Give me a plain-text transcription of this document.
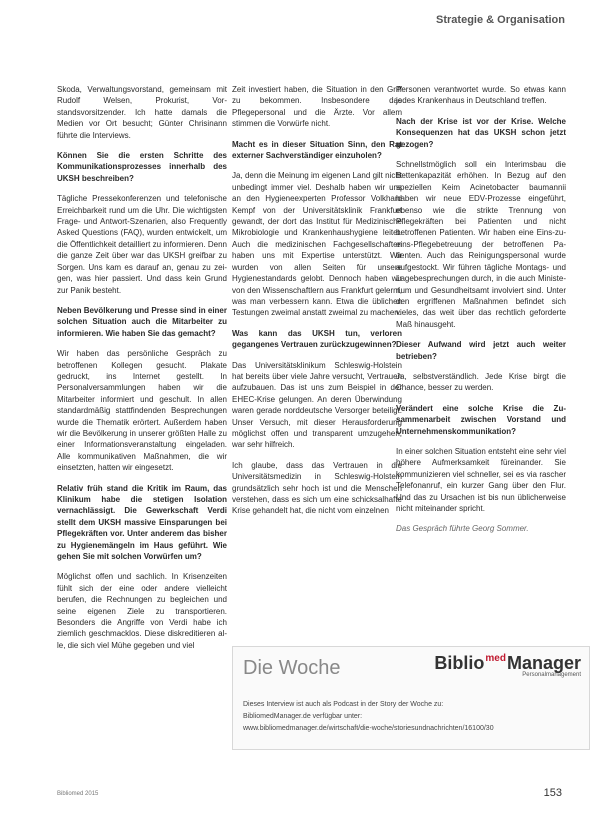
Strategie & Organisation

Skoda, Verwaltungsvorstand, gemeinsam mit Rudolf Welsen, Prokurist, Vorstandsvorsitzender. Ich hatte damals die Medien vor Ort besucht; Günter Chrisinann führte die Interviews.

Können Sie die ersten Schritte des Kommunikationsprozesses innerhalb des UKSH beschreiben?

Tägliche Pressekonferenzen und telefonische Erreichbarkeit rund um die Uhr. Die wichtigsten Frage- und Antwort-Szenarien, also Frequently Asked Questions (FAQ), wurden entwickelt, um die Öffentlichkeit detailliert zu informieren. Denn die ganze Zeit über war das UKSH greifbar zu Sorgen. Uns kam es darauf an, genau zu zeigen, was hier passiert. Und dass kein Grund zur Panik besteht.

Neben Bevölkerung und Presse sind in einer solchen Situation auch die Mitarbeiter zu informieren. Wie haben Sie das gemacht?

Wir haben das persönliche Gespräch zu betroffenen Kollegen gesucht. Plakate gedruckt, ins Internet gestellt. In Personalversammlungen haben wir die Mitarbeiter informiert und geschult. In allen standardmäßig stattfindenden Besprechungen wurde die Thematik erörtert. Außerdem haben wir die Bevölkerung in unserer größten Halle zu einer Informationsveranstaltung eingeladen. Alle kommunikativen Maßnahmen, die wir einsetzten, hatten wir eingesetzt.

Relativ früh stand die Kritik im Raum, das Klinikum habe die stetigen Isolation vernachlässigt. Die Gewerkschaft Verdi stellt dem UKSH massive Einsparungen bei Pflegekräften vor. Unter anderem das bisher zu Hygienemängeln im Haus geführt. Wie gehen Sie mit solchen Vorwürfen um?

Möglichst offen und sachlich. In Krisenzeiten fühlt sich der eine oder andere vielleicht berufen, die Rechnungen zu begleichen und seine eigenen Ziele zu transportieren. Besonders die Angriffe von Verdi habe ich ziemlich geschmacklos. Diese diskreditieren alle, die sich viel Mühe gegeben und viel

Zeit investiert haben, die Situation in den Griff zu bekommen. Insbesondere das Pflegepersonal und die Ärzte. Vor allem stimmen die Vorwürfe nicht.

Macht es in dieser Situation Sinn, den Rat externer Sachverständiger einzuholen?

Ja, denn die Meinung im eigenen Land gilt nicht unbedingt immer viel. Deshalb haben wir uns an den Hygieneexperten Professor Volkhard Kempf von der Universitätsklinik Frankfurt gewandt, der dort das Institut für Medizinische Mikrobiologie und Krankenhaushygiene leitet. Auch die medizinischen Fachgesellschaften haben uns mit Expertise unterstützt. Wir wurden von allen Seiten für unsere Hygienestandards gelobt. Dennoch haben wir von den Wissenschaftlern aus Frankfurt gelernt, was man verbessern kann. Etwa die üblichen Testungen zweimal anstatt zweimal zu machen.

Was kann das UKSH tun, verloren gegangenes Vertrauen zurückzugewinnen?

Das Universitätsklinikum Schleswig-Holstein hat bereits über viele Jahre versucht, Vertrauen aufzubauen. Das ist uns zum Beispiel in der EHEC-Krise gelungen. An deren Überwindung waren gerade norddeutsche Versorger beteiligt. Unser Versuch, mit dieser Herausforderung möglichst offen und transparent umzugehen, war sehr hilfreich.

Ich glaube, dass das Vertrauen in die Universitätsmedizin in Schleswig-Holstein grundsätzlich sehr hoch ist und die Menschen verstehen, dass es sich um eine schicksalhafte Krise gehandelt hat, die nicht vom einzelnen

Personen verantwortet wurde. So etwas kann jedes Krankenhaus in Deutschland treffen.

Nach der Krise ist vor der Krise. Welche Konsequenzen hat das UKSH schon jetzt gezogen?

Schnellstmöglich soll ein Interimsbau die Bettenkapazität erhöhen. In Bezug auf den speziellen Keim Acinetobacter baumannii haben wir neue EDV-Prozesse eingeführt, ebenso wie die strikte Trennung von Pflegekräften bei Patienten und nicht betroffenen Patienten. Wir haben eine Eins-zu-eins-Pflegebetreuung der betroffenen Patienten. Auch das Reinigungspersonal wurde aufgestockt. Wir führen tägliche Montags- und Lagebesprechungen durch, in die auch Ministerium und Gesundheitsamt involviert sind. Unter den ergriffenen Maßnahmen befindet sich vieles, das weit über das rechtlich geforderte Maß hinausgeht.

Dieser Aufwand wird jetzt auch weiter betrieben?

Ja, selbstverständlich. Jede Krise birgt die Chance, besser zu werden.

Verändert eine solche Krise die Zusammenarbeit zwischen Vorstand und Unternehmenskommunikation?

In einer solchen Situation entsteht eine sehr viel höhere Aufmerksamkeit füreinander. Sie kommunizieren viel schneller, sei es via rascher Telefonanruf, ein kurzer Gang über den Flur. Und das zu Ursachen ist bis nun üblicherweise nicht miteinander spricht.

Das Gespräch führte Georg Sommer.

Die Woche	Biblio$^{med}$Manager
Personalmanagement
Dieses Interview ist auch als Podcast in der Story der Woche zu:
BibliomedManager.de verfügbar unter:
www.bibliomedmanager.de/wirtschaft/die-woche/storiesundnachrichten/16100/30
Bibliomed 2015	153
